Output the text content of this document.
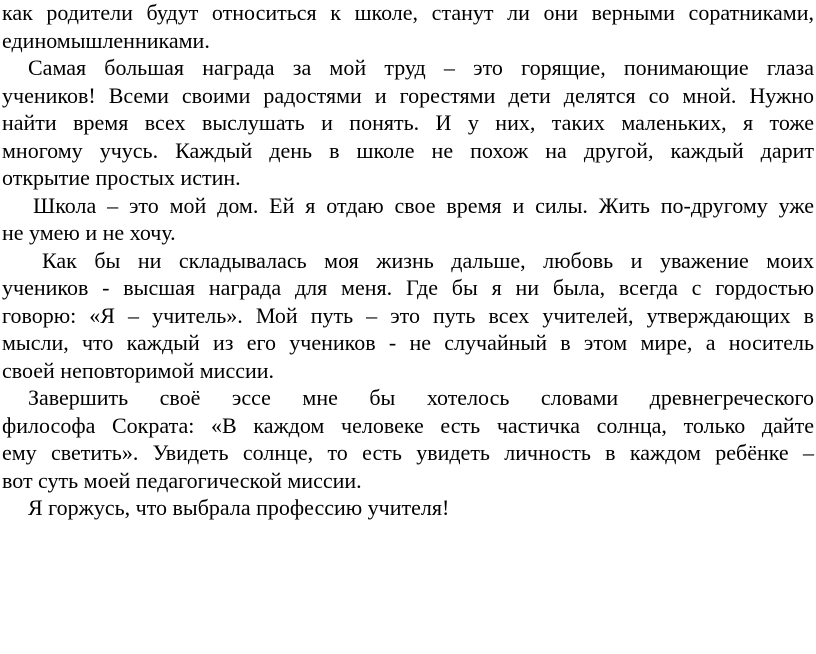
как родители будут относиться к школе, станут ли они верными соратниками,
единомышленниками.
Самая большая награда за мой труд – это горящие, понимающие глаза
учеников! Всеми своими радостями и горестями дети делятся со мной. Нужно
найти время всех выслушать и понять. И у них, таких маленьких, я тоже
многому учусь. Каждый день в школе не похож на другой, каждый дарит
открытие простых истин.
Школа – это мой дом. Ей я отдаю свое время и силы. Жить по-другому уже
не умею и не хочу.
Как бы ни складывалась моя жизнь дальше, любовь и уважение моих
учеников - высшая награда для меня. Где бы я ни была, всегда с гордостью
говорю: «Я – учитель». Мой путь – это путь всех учителей, утверждающих в
мысли, что каждый из его учеников - не случайный в этом мире, а носитель
своей неповторимой миссии.
Завершить своё эссе мне бы хотелось словами древнегреческого
философа Сократа: «В каждом человеке есть частичка солнца, только дайте
ему светить». Увидеть солнце, то есть увидеть личность в каждом ребёнке –
вот суть моей педагогической миссии.
Я горжусь, что выбрала профессию учителя!
